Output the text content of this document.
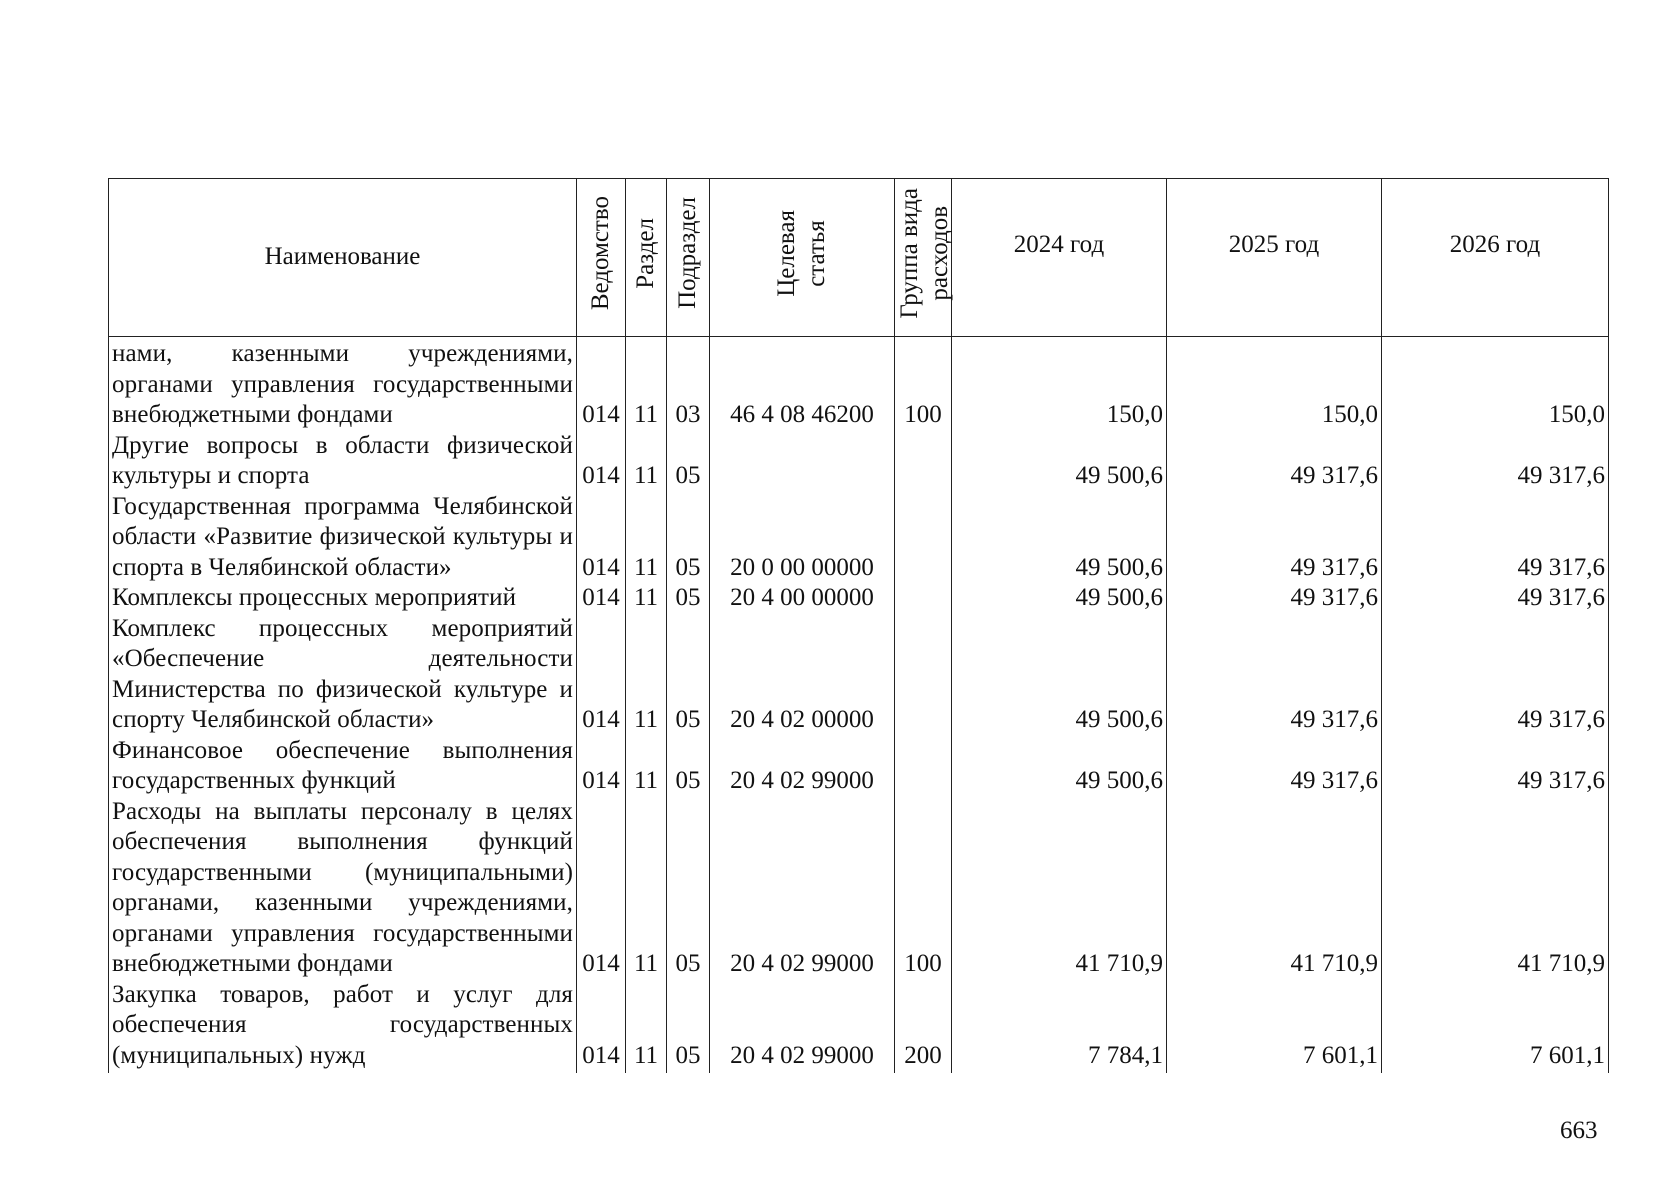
Наименование	Ведомство	Раздел	Подраздел	Целевая статья	Группа вида расходов	2024 год	2025 год	2026 год
нами, казенными учреждениями, органами управления государственными внебюджетными фондами	014	11	03	46 4 08 46200	100	150,0	150,0	150,0
Другие вопросы в области физической культуры и спорта	014	11	05			49 500,6	49 317,6	49 317,6
Государственная программа Челябинской области «Развитие физической культуры и спорта в Челябинской области»	014	11	05	20 0 00 00000		49 500,6	49 317,6	49 317,6
Комплексы процессных мероприятий	014	11	05	20 4 00 00000		49 500,6	49 317,6	49 317,6
Комплекс процессных мероприятий «Обеспечение деятельности Министерства по физической культуре и спорту Челябинской области»	014	11	05	20 4 02 00000		49 500,6	49 317,6	49 317,6
Финансовое обеспечение выполнения государственных функций	014	11	05	20 4 02 99000		49 500,6	49 317,6	49 317,6
Расходы на выплаты персоналу в целях обеспечения выполнения функций государственными (муниципальными) органами, казенными учреждениями, органами управления государственными внебюджетными фондами	014	11	05	20 4 02 99000	100	41 710,9	41 710,9	41 710,9
Закупка товаров, работ и услуг для обеспечения государственных (муниципальных) нужд	014	11	05	20 4 02 99000	200	7 784,1	7 601,1	7 601,1
663
